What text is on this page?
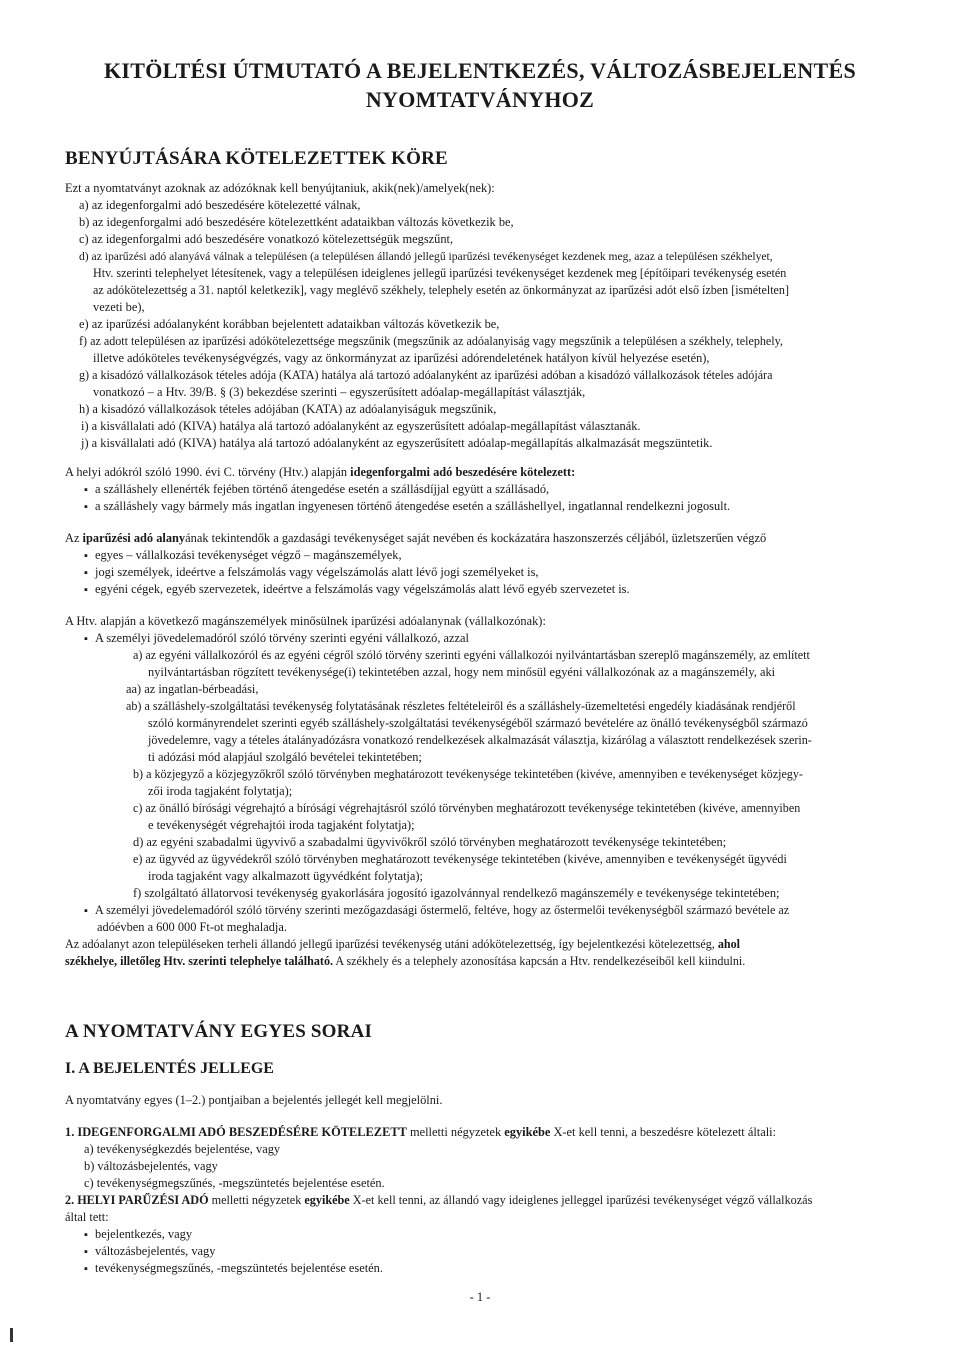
KITÖLTÉSI ÚTMUTATÓ A BEJELENTKEZÉS, VÁLTOZÁSBEJELENTÉS
NYOMTATVÁNYHOZ
BENYÚJTÁSÁRA KÖTELEZETTEK KÖRE
Ezt a nyomtatványt azoknak az adózóknak kell benyújtaniuk, akik(nek)/amelyek(nek):
a) az idegenforgalmi adó beszedésére kötelezetté válnak,
b) az idegenforgalmi adó beszedésére kötelezettként adataikban változás következik be,
c) az idegenforgalmi adó beszedésére vonatkozó kötelezettségük megszűnt,
d) az iparűzési adó alanyává válnak a településen (a településen állandó jellegű iparűzési tevékenységet kezdenek meg, azaz a településen székhelyet,
Htv. szerinti telephelyet létesítenek, vagy a településen ideiglenes jellegű iparűzési tevékenységet kezdenek meg [építőipari tevékenység esetén
az adókötelezettség a 31. naptól keletkezik], vagy meglévő székhely, telephely esetén az önkormányzat az iparűzési adót első ízben [ismételten]
vezeti be),
e) az iparűzési adóalanyként korábban bejelentett adataikban változás következik be,
f) az adott településen az iparűzési adókötelezettsége megszűnik (megszűnik az adóalanyiság vagy megszűnik a településen a székhely, telephely,
illetve adóköteles tevékenységvégzés, vagy az önkormányzat az iparűzési adórendeletének hatályon kívül helyezése esetén),
g) a kisadózó vállalkozások tételes adója (KATA) hatálya alá tartozó adóalanyként az iparűzési adóban a kisadózó vállalkozások tételes adójára
vonatkozó – a Htv. 39/B. § (3) bekezdése szerinti – egyszerűsített adóalap-megállapítást választják,
h) a kisadózó vállalkozások tételes adójában (KATA) az adóalanyiságuk megszűnik,
i) a kisvállalati adó (KIVA) hatálya alá tartozó adóalanyként az egyszerűsített adóalap-megállapítást választanák.
j) a kisvállalati adó (KIVA) hatálya alá tartozó adóalanyként az egyszerűsített adóalap-megállapítás alkalmazását megszüntetik.
A helyi adókról szóló 1990. évi C. törvény (Htv.) alapján idegenforgalmi adó beszedésére kötelezett:
▪ a szálláshely ellenérték fejében történő átengedése esetén a szállásdíjjal együtt a szállásadó,
▪ a szálláshely vagy bármely más ingatlan ingyenesen történő átengedése esetén a szálláshellyel, ingatlannal rendelkezni jogosult.
Az iparűzési adó alanyának tekintendők a gazdasági tevékenységet saját nevében és kockázatára haszonszerzés céljából, üzletszerűen végző
▪ egyes – vállalkozási tevékenységet végző – magánszemélyek,
▪ jogi személyek, ideértve a felszámolás vagy végelszámolás alatt lévő jogi személyeket is,
▪ egyéni cégek, egyéb szervezetek, ideértve a felszámolás vagy végelszámolás alatt lévő egyéb szervezetet is.
A Htv. alapján a következő magánszemélyek minősülnek iparűzési adóalanynak (vállalkozónak):
▪ A személyi jövedelemadóról szóló törvény szerinti egyéni vállalkozó, azzal
a) az egyéni vállalkozóról és az egyéni cégről szóló törvény szerinti egyéni vállalkozói nyilvántartásban szereplő magánszemély, az említett
nyilvántartásban rögzített tevékenysége(i) tekintetében azzal, hogy nem minősül egyéni vállalkozónak az a magánszemély, aki
aa) az ingatlan-bérbeadási,
ab) a szálláshely-szolgáltatási tevékenység folytatásának részletes feltételeiről és a szálláshely-üzemeltetési engedély kiadásának rendjéről
szóló kormányrendelet szerinti egyéb szálláshely-szolgáltatási tevékenységéből származó bevételére az önálló tevékenységből származó
jövedelemre, vagy a tételes átalányadózásra vonatkozó rendelkezések alkalmazását választja, kizárólag a választott rendelkezések szerin-
ti adózási mód alapjául szolgáló bevételei tekintetében;
b) a közjegyző a közjegyzőkről szóló törvényben meghatározott tevékenysége tekintetében (kivéve, amennyiben e tevékenységet közjegy-
zői iroda tagjaként folytatja);
c) az önálló bírósági végrehajtó a bírósági végrehajtásról szóló törvényben meghatározott tevékenysége tekintetében (kivéve, amennyiben
e tevékenységét végrehajtói iroda tagjaként folytatja);
d) az egyéni szabadalmi ügyvivő a szabadalmi ügyvivőkről szóló törvényben meghatározott tevékenysége tekintetében;
e) az ügyvéd az ügyvédekről szóló törvényben meghatározott tevékenysége tekintetében (kivéve, amennyiben e tevékenységét ügyvédi
iroda tagjaként vagy alkalmazott ügyvédként folytatja);
f) szolgáltató állatorvosi tevékenység gyakorlására jogosító igazolvánnyal rendelkező magánszemély e tevékenysége tekintetében;
▪ A személyi jövedelemadóról szóló törvény szerinti mezőgazdasági őstermelő, feltéve, hogy az őstermelői tevékenységből származó bevétele az
adóévben a 600 000 Ft-ot meghaladja.
Az adóalanyt azon településeken terheli állandó jellegű iparűzési tevékenység utáni adókötelezettség, így bejelentkezési kötelezettség, ahol
székhelye, illetőleg Htv. szerinti telephelye található. A székhely és a telephely azonosítása kapcsán a Htv. rendelkezéseiből kell kiindulni.
A NYOMTATVÁNY EGYES SORAI
I. A BEJELENTÉS JELLEGE
A nyomtatvány egyes (1–2.) pontjaiban a bejelentés jellegét kell megjelölni.
1. IDEGENFORGALMI ADÓ BESZEDÉSÉRE KÖTELEZETT melletti négyzetek egyikébe X-et kell tenni, a beszedésre kötelezett általi:
a) tevékenységkezdés bejelentése, vagy
b) változásbejelentés, vagy
c) tevékenységmegszűnés, -megszüntetés bejelentése esetén.
2. HELYI PARŰZÉSI ADÓ melletti négyzetek egyikébe X-et kell tenni, az állandó vagy ideiglenes jelleggel iparűzési tevékenységet végző vállalkozás
által tett:
▪ bejelentkezés, vagy
▪ változásbejelentés, vagy
▪ tevékenységmegszűnés, -megszüntetés bejelentése esetén.
- 1 -
